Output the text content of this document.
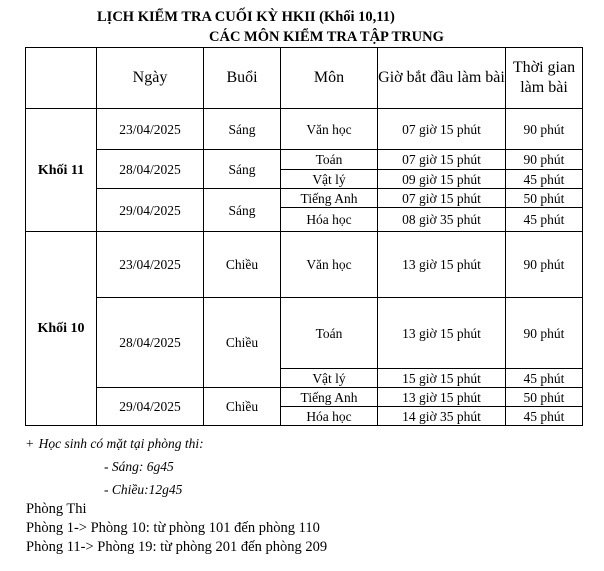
LỊCH KIỂM TRA CUỐI KỲ HKII (Khối 10,11)
CÁC MÔN KIỂM TRA TẬP TRUNG
	Ngày	Buổi	Môn	Giờ bắt đầu làm bài	Thời gian làm bài
Khối 11	23/04/2025	Sáng	Văn học	07 giờ 15 phút	90 phút
	28/04/2025	Sáng	Toán	07 giờ 15 phút	90 phút
			Vật lý	09 giờ 15 phút	45 phút
	29/04/2025	Sáng	Tiếng Anh	07 giờ 15 phút	50 phút
			Hóa học	08 giờ 35 phút	45 phút
Khối 10	23/04/2025	Chiều	Văn học	13 giờ 15 phút	90 phút
	28/04/2025	Chiều	Toán	13 giờ 15 phút	90 phút
			Vật lý	15 giờ 15 phút	45 phút
	29/04/2025	Chiều	Tiếng Anh	13 giờ 15 phút	50 phút
			Hóa học	14 giờ 35 phút	45 phút
+ Học sinh có mặt tại phòng thi:
- Sáng: 6g45
- Chiều:12g45
Phòng Thi
Phòng 1-> Phòng 10: từ phòng 101 đến phòng 110
Phòng 11-> Phòng 19: từ phòng 201 đến phòng 209
